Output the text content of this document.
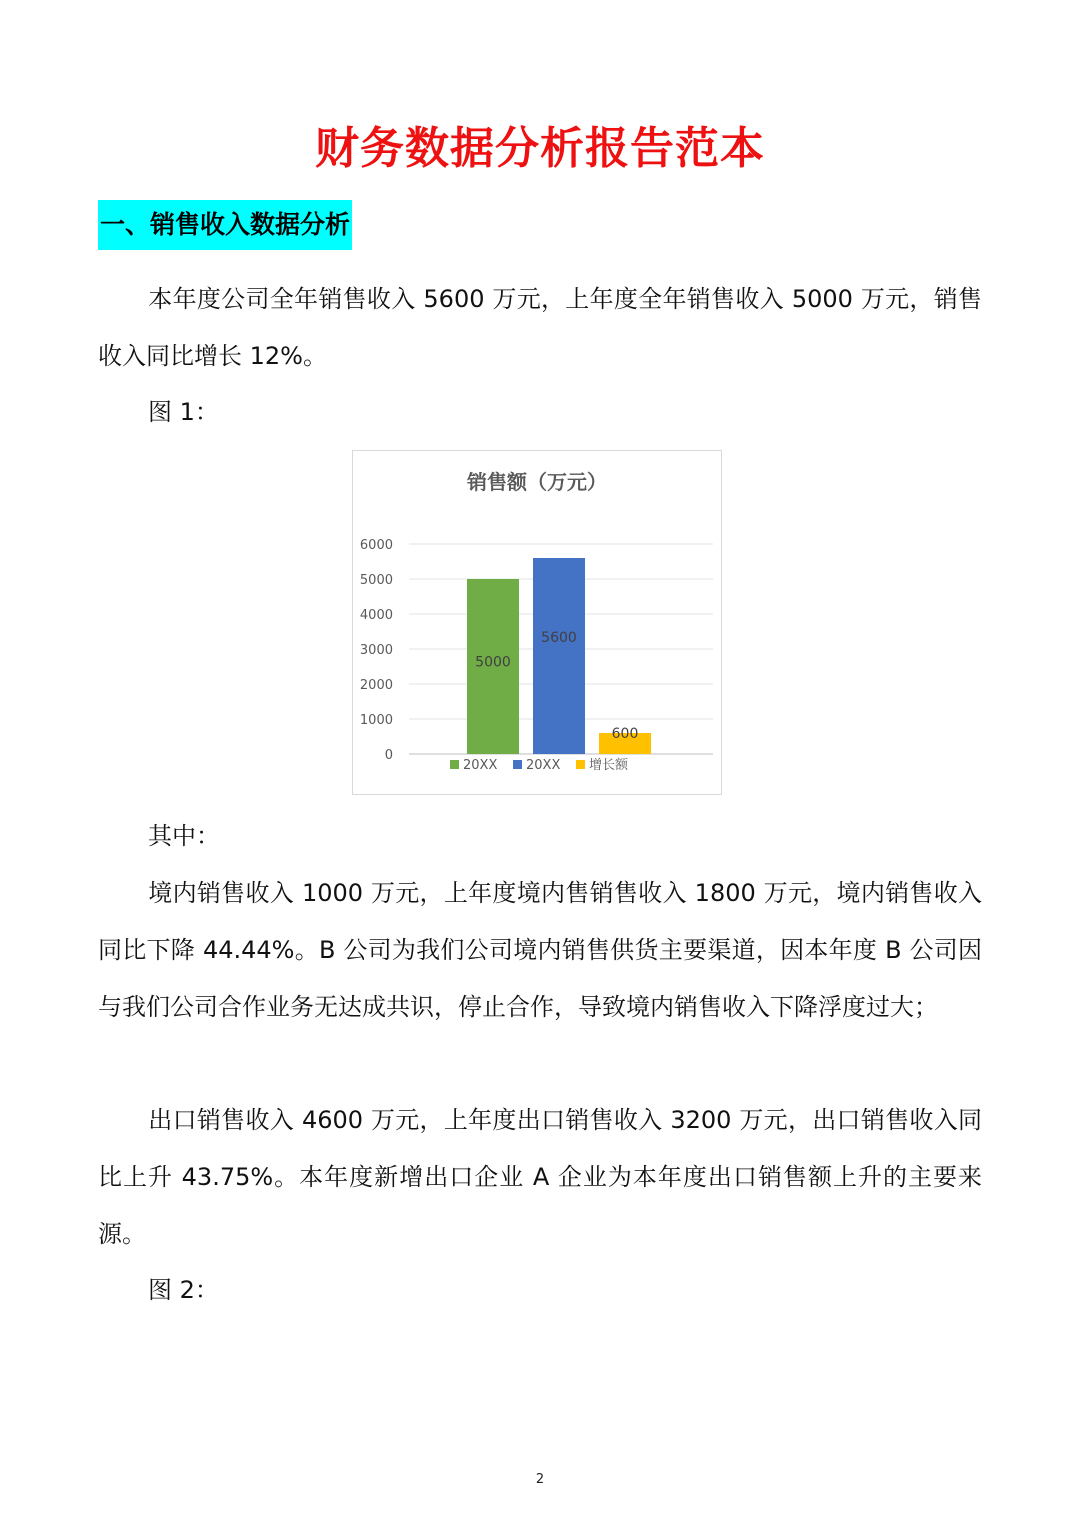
财务数据分析报告范本
一、销售收入数据分析

本年度公司全年销售收入 5600 万元，上年度全年销售收入 5000 万元，销售收入同比增长 12%。

图 1：
销售额（万元）
0
1000
2000
3000
4000
5000
6000
5000
5600
600
20XX 20XX 增长额
其中：

境内销售收入 1000 万元，上年度境内售销售收入 1800 万元，境内销售收入同比下降 44.44%。B 公司为我们公司境内销售供货主要渠道，因本年度 B 公司因与我们公司合作业务无达成共识，停止合作，导致境内销售收入下降浮度过大；

出口销售收入 4600 万元，上年度出口销售收入 3200 万元，出口销售收入同比上升 43.75%。本年度新增出口企业 A 企业为本年度出口销售额上升的主要来源。

图 2：
2
